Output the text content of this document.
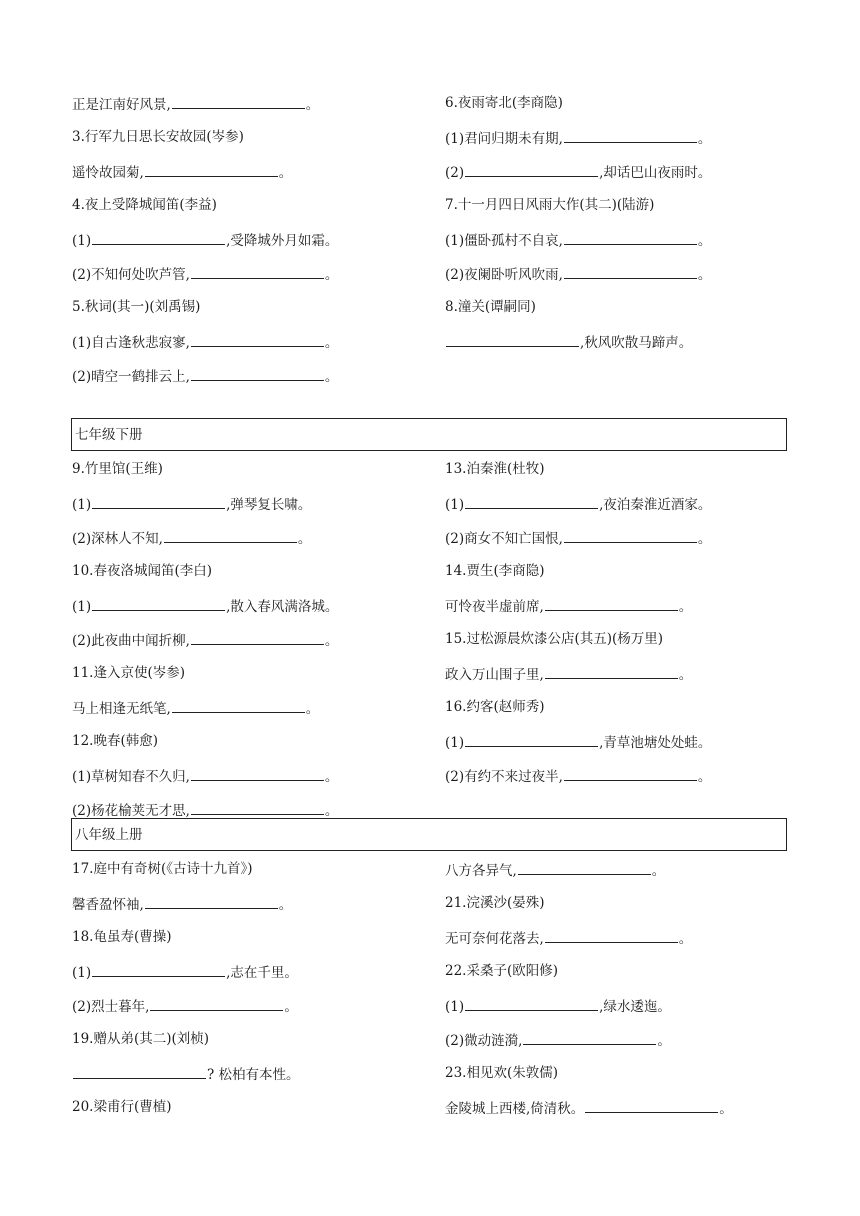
正是江南好风景,	。
3.行军九日思长安故园(岑参)
遥怜故园菊,	。
4.夜上受降城闻笛(李益)
(1)	,受降城外月如霜。
(2)不知何处吹芦管,	。
5.秋词(其一)(刘禹锡)
(1)自古逢秋悲寂寥,	。
(2)晴空一鹤排云上,	。
6.夜雨寄北(李商隐)
(1)君问归期未有期,	。
(2)	,却话巴山夜雨时。
7.十一月四日风雨大作(其二)(陆游)
(1)僵卧孤村不自哀,	。
(2)夜阑卧听风吹雨,	。
8.潼关(谭嗣同)
,秋风吹散马蹄声。
七年级下册
9.竹里馆(王维)
(1)	,弹琴复长啸。
(2)深林人不知,	。
10.春夜洛城闻笛(李白)
(1)	,散入春风满洛城。
(2)此夜曲中闻折柳,	。
11.逢入京使(岑参)
马上相逢无纸笔,	。
12.晚春(韩愈)
(1)草树知春不久归,	。
(2)杨花榆荚无才思,	。
13.泊秦淮(杜牧)
(1)	,夜泊秦淮近酒家。
(2)商女不知亡国恨,	。
14.贾生(李商隐)
可怜夜半虚前席,	。
15.过松源晨炊漆公店(其五)(杨万里)
政入万山围子里,	。
16.约客(赵师秀)
(1)	,青草池塘处处蛙。
(2)有约不来过夜半,	。
八年级上册
17.庭中有奇树(《古诗十九首》)
馨香盈怀袖,	。
18.龟虽寿(曹操)
(1)	,志在千里。
(2)烈士暮年,	。
19.赠从弟(其二)(刘桢)
? 松柏有本性。
20.梁甫行(曹植)
八方各异气,	。
21.浣溪沙(晏殊)
无可奈何花落去,	。
22.采桑子(欧阳修)
(1)	,绿水逶迤。
(2)微动涟漪,	。
23.相见欢(朱敦儒)
金陵城上西楼,倚清秋。	。
